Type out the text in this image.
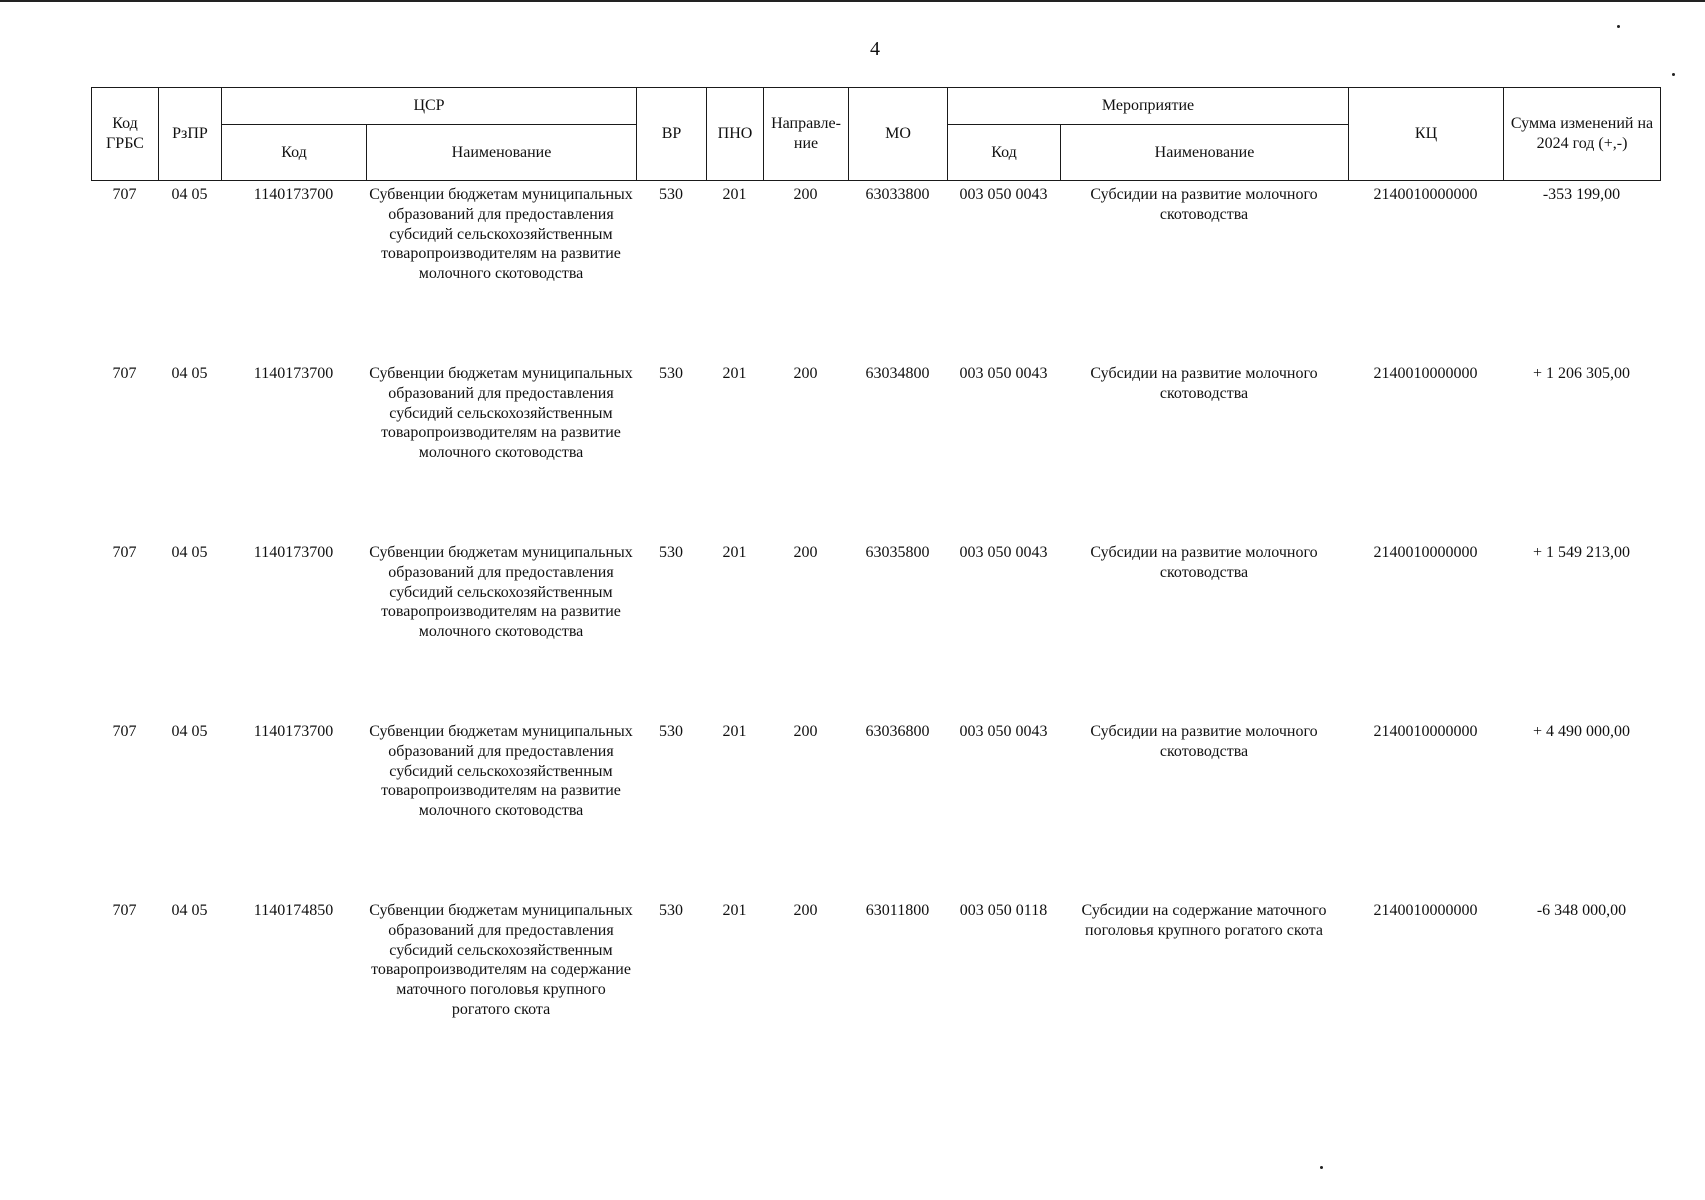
4
Код ГРБС	РзПР	ЦСР		ВР	ПНО	Направле-ние	МО	Мероприятие		КЦ	Сумма изменений на 2024 год (+,-)
		Код	Наименование					Код	Наименование		
707	04 05	1140173700	Субвенции бюджетам муниципальных образований для предоставления субсидий сельскохозяйственным товаропроизводителям на развитие молочного скотоводства	530	201	200	63033800	003 050 0043	Субсидии на развитие молочного скотоводства	2140010000000	-353 199,00
707	04 05	1140173700	Субвенции бюджетам муниципальных образований для предоставления субсидий сельскохозяйственным товаропроизводителям на развитие молочного скотоводства	530	201	200	63034800	003 050 0043	Субсидии на развитие молочного скотоводства	2140010000000	+ 1 206 305,00
707	04 05	1140173700	Субвенции бюджетам муниципальных образований для предоставления субсидий сельскохозяйственным товаропроизводителям на развитие молочного скотоводства	530	201	200	63035800	003 050 0043	Субсидии на развитие молочного скотоводства	2140010000000	+ 1 549 213,00
707	04 05	1140173700	Субвенции бюджетам муниципальных образований для предоставления субсидий сельскохозяйственным товаропроизводителям на развитие молочного скотоводства	530	201	200	63036800	003 050 0043	Субсидии на развитие молочного скотоводства	2140010000000	+ 4 490 000,00
707	04 05	1140174850	Субвенции бюджетам муниципальных образований для предоставления субсидий сельскохозяйственным товаропроизводителям на содержание маточного поголовья крупного рогатого скота	530	201	200	63011800	003 050 0118	Субсидии на содержание маточного поголовья крупного рогатого скота	2140010000000	-6 348 000,00
